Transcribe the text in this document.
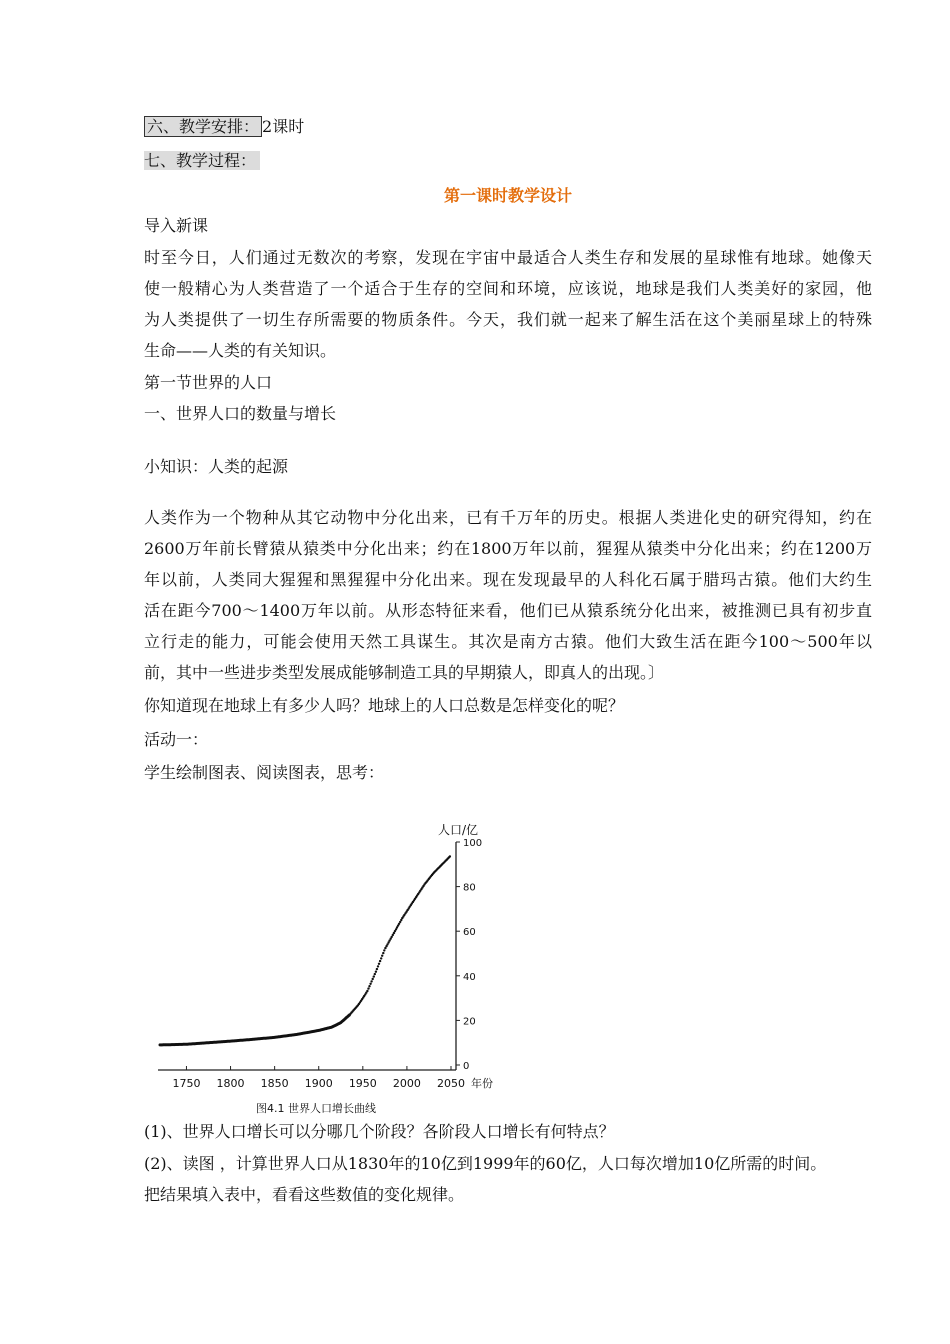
六、教学安排： 2课时
七、教学过程：
第一课时教学设计
导入新课

时至今日，人们通过无数次的考察，发现在宇宙中最适合人类生存和发展的星球惟有地球。她像天

使一般精心为人类营造了一个适合于生存的空间和环境，应该说，地球是我们人类美好的家园，他

为人类提供了一切生存所需要的物质条件。今天，我们就一起来了解生活在这个美丽星球上的特殊

生命——人类的有关知识。

第一节世界的人口
一、世界人口的数量与增长
小知识：人类的起源

人类作为一个物种从其它动物中分化出来，已有千万年的历史。根据人类进化史的研究得知，约在

2600万年前长臂猿从猿类中分化出来；约在1800万年以前，猩猩从猿类中分化出来；约在1200万

年以前，人类同大猩猩和黑猩猩中分化出来。现在发现最早的人科化石属于腊玛古猿。他们大约生

活在距今700～1400万年以前。从形态特征来看，他们已从猿系统分化出来，被推测已具有初步直

立行走的能力，可能会使用天然工具谋生。其次是南方古猿。他们大致生活在距今100～500年以

前，其中一些进步类型发展成能够制造工具的早期猿人，即真人的出现。〕

你知道现在地球上有多少人吗？地球上的人口总数是怎样变化的呢？
活动一：
学生绘制图表、阅读图表，思考：
1750 1800 1850 1900 1950 2000 2050
0
20
40
60
80
100
人口/亿
年份
图4.1 世界人口增长曲线
(1)、世界人口增长可以分哪几个阶段？各阶段人口增长有何特点？
(2)、读图 ，计算世界人口从1830年的10亿到1999年的60亿，人口每次增加10亿所需的时间。
把结果填入表中，看看这些数值的变化规律。
